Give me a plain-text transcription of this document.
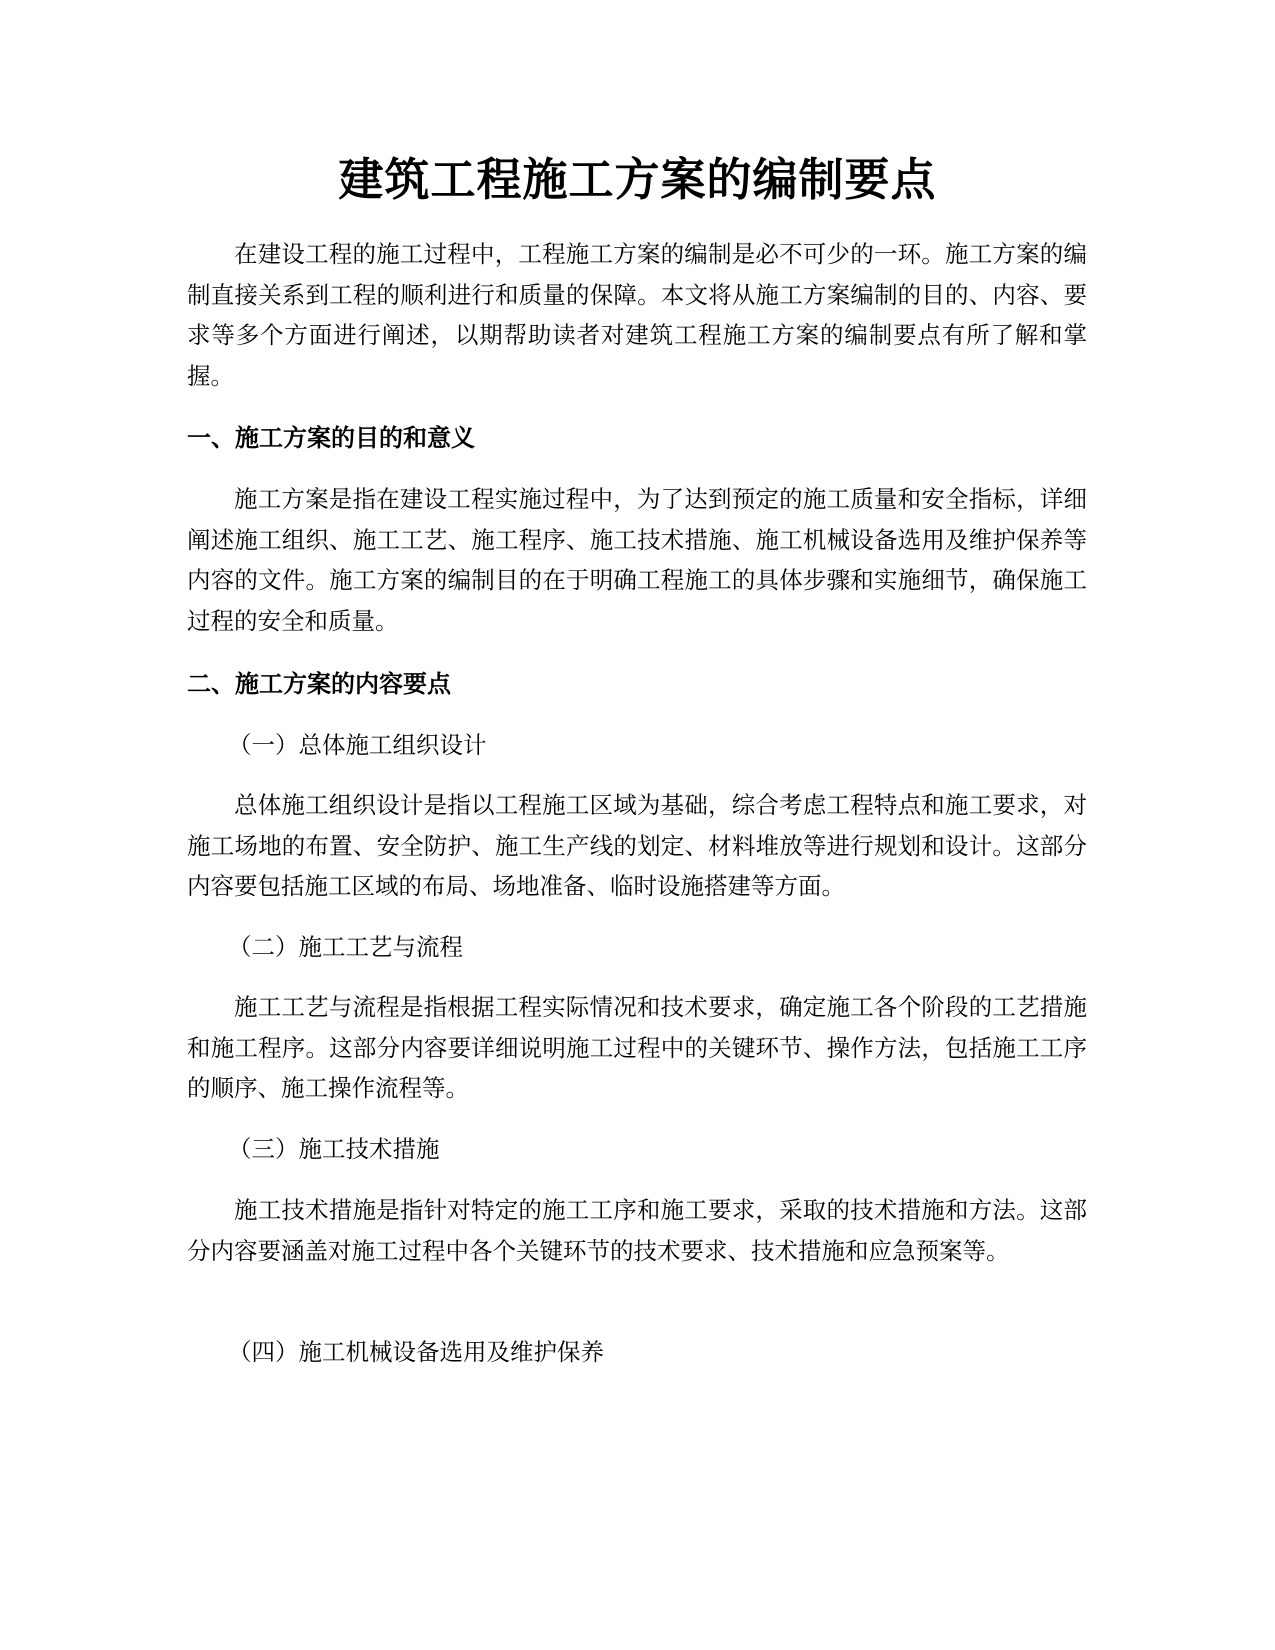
建筑工程施工方案的编制要点

在建设工程的施工过程中，工程施工方案的编制是必不可少的一环。施工方案的编制直接关系到工程的顺利进行和质量的保障。本文将从施工方案编制的目的、内容、要求等多个方面进行阐述，以期帮助读者对建筑工程施工方案的编制要点有所了解和掌握。

一、施工方案的目的和意义

施工方案是指在建设工程实施过程中，为了达到预定的施工质量和安全指标，详细阐述施工组织、施工工艺、施工程序、施工技术措施、施工机械设备选用及维护保养等内容的文件。施工方案的编制目的在于明确工程施工的具体步骤和实施细节，确保施工过程的安全和质量。

二、施工方案的内容要点

（一）总体施工组织设计

总体施工组织设计是指以工程施工区域为基础，综合考虑工程特点和施工要求，对施工场地的布置、安全防护、施工生产线的划定、材料堆放等进行规划和设计。这部分内容要包括施工区域的布局、场地准备、临时设施搭建等方面。

（二）施工工艺与流程

施工工艺与流程是指根据工程实际情况和技术要求，确定施工各个阶段的工艺措施和施工程序。这部分内容要详细说明施工过程中的关键环节、操作方法，包括施工工序的顺序、施工操作流程等。

（三）施工技术措施

施工技术措施是指针对特定的施工工序和施工要求，采取的技术措施和方法。这部分内容要涵盖对施工过程中各个关键环节的技术要求、技术措施和应急预案等。

（四）施工机械设备选用及维护保养
